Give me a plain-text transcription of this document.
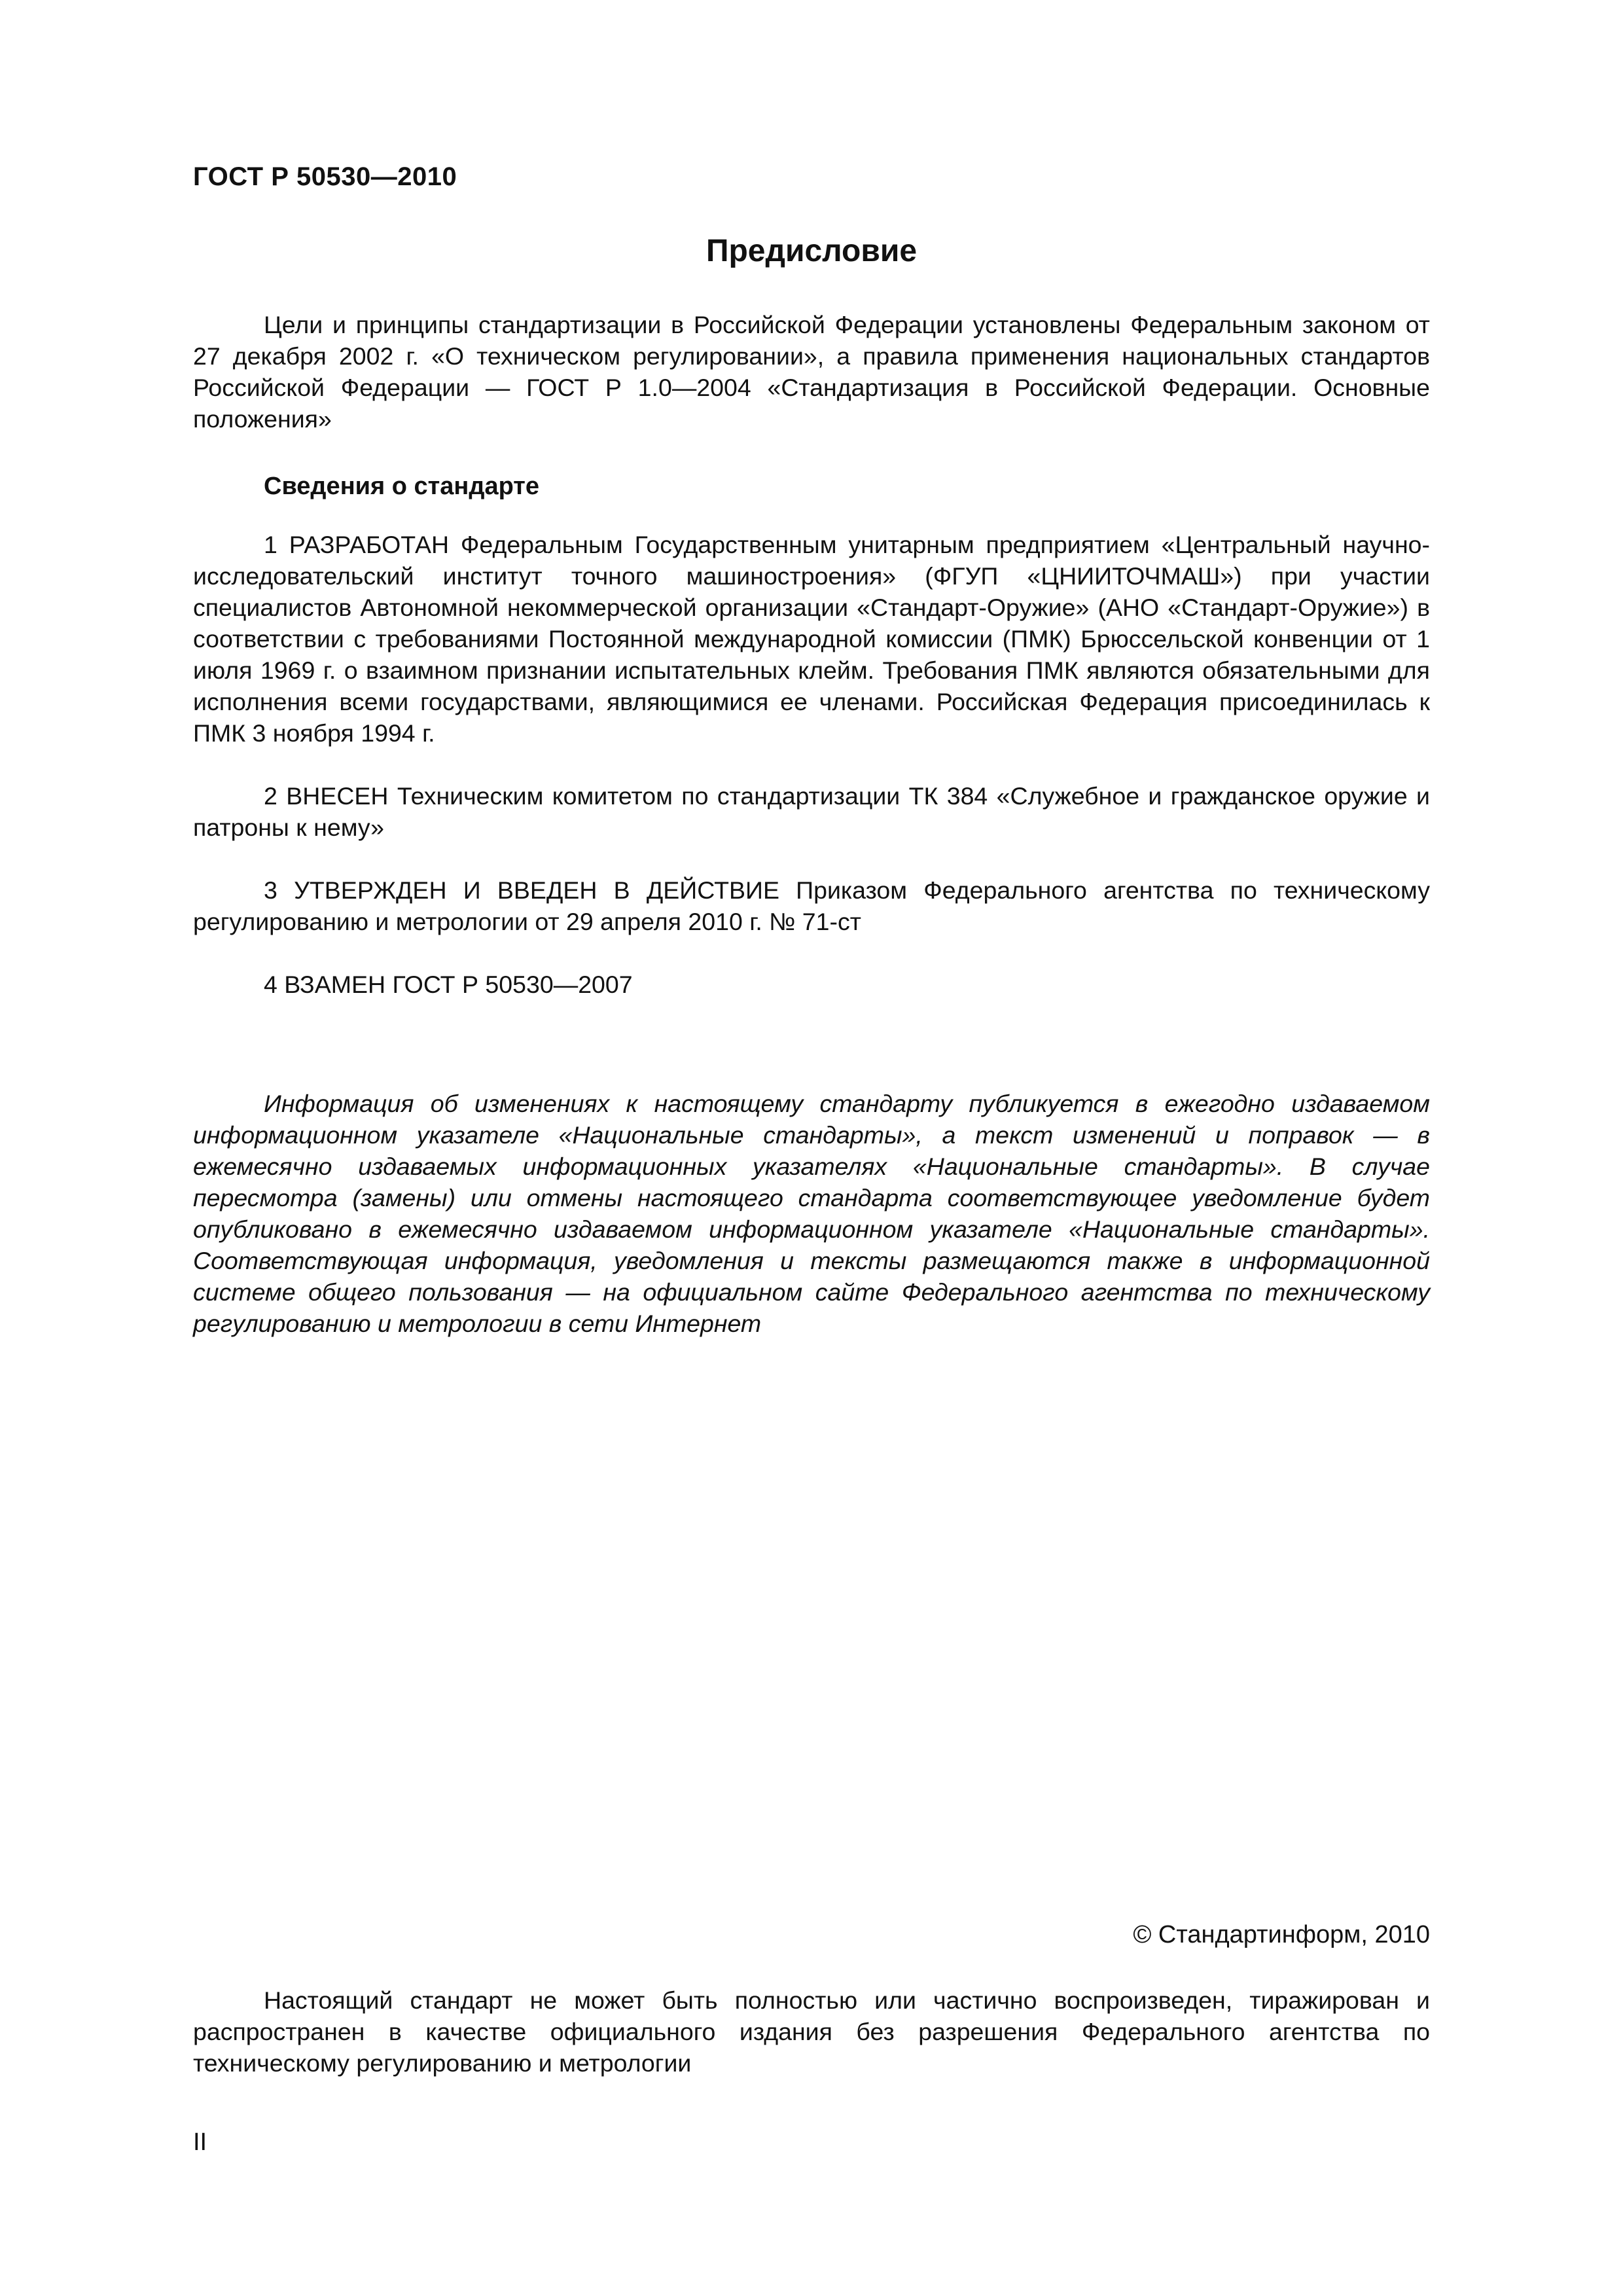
ГОСТ Р 50530—2010
Предисловие

Цели и принципы стандартизации в Российской Федерации установлены Федеральным законом от 27 декабря 2002 г. «О техническом регулировании», а правила применения национальных стандартов Российской Федерации — ГОСТ Р 1.0—2004 «Стандартизация в Российской Федерации. Основные положения»

Сведения о стандарте

1 РАЗРАБОТАН Федеральным Государственным унитарным предприятием «Центральный научно-исследовательский институт точного машиностроения» (ФГУП «ЦНИИТОЧМАШ») при участии специалистов Автономной некоммерческой организации «Стандарт-Оружие» (АНО «Стандарт-Оружие») в соответствии с требованиями Постоянной международной комиссии (ПМК) Брюссельской конвенции от 1 июля 1969 г. о взаимном признании испытательных клейм. Требования ПМК являются обязательными для исполнения всеми государствами, являющимися ее членами. Российская Федерация присоединилась к ПМК 3 ноября 1994 г.

2 ВНЕСЕН Техническим комитетом по стандартизации ТК 384 «Служебное и гражданское оружие и патроны к нему»

3 УТВЕРЖДЕН И ВВЕДЕН В ДЕЙСТВИЕ Приказом Федерального агентства по техническому регулированию и метрологии от 29 апреля 2010 г. № 71-ст

4 ВЗАМЕН ГОСТ Р 50530—2007

Информация об изменениях к настоящему стандарту публикуется в ежегодно издаваемом информационном указателе «Национальные стандарты», а текст изменений и поправок — в ежемесячно издаваемых информационных указателях «Национальные стандарты». В случае пересмотра (замены) или отмены настоящего стандарта соответствующее уведомление будет опубликовано в ежемесячно издаваемом информационном указателе «Национальные стандарты». Соответствующая информация, уведомления и тексты размещаются также в информационной системе общего пользования — на официальном сайте Федерального агентства по техническому регулированию и метрологии в сети Интернет

© Стандартинформ, 2010

Настоящий стандарт не может быть полностью или частично воспроизведен, тиражирован и распространен в качестве официального издания без разрешения Федерального агентства по техническому регулированию и метрологии

II
